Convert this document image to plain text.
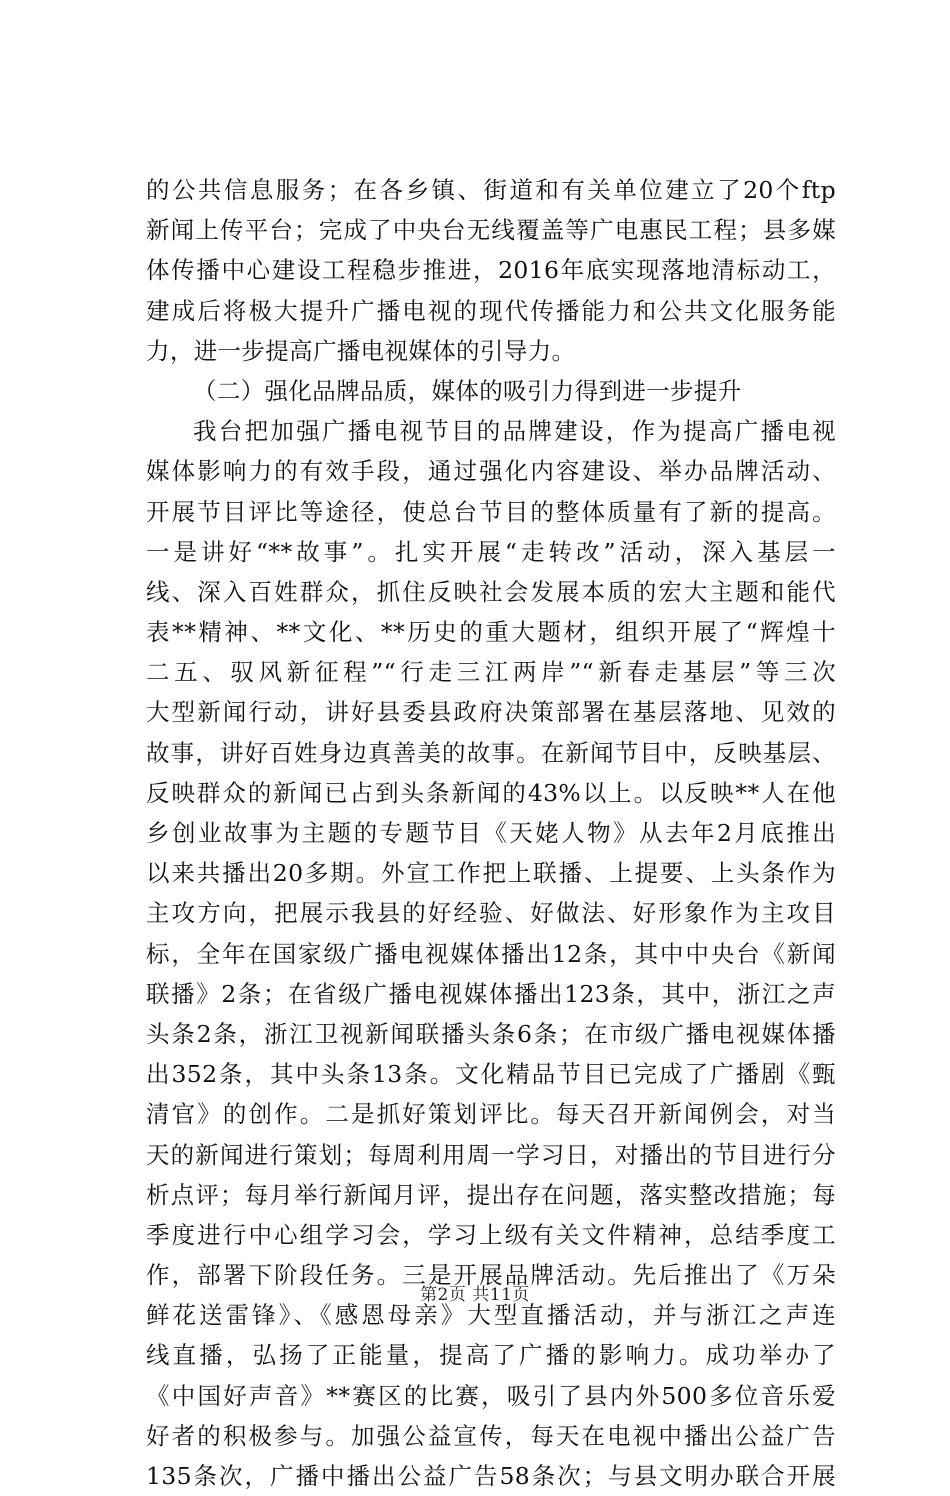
的公共信息服务；在各乡镇、街道和有关单位建立了20个ftp
新闻上传平台；完成了中央台无线覆盖等广电惠民工程；县多媒
体传播中心建设工程稳步推进，2016年底实现落地清标动工，
建成后将极大提升广播电视的现代传播能力和公共文化服务能
力，进一步提高广播电视媒体的引导力。
（二）强化品牌品质，媒体的吸引力得到进一步提升
我台把加强广播电视节目的品牌建设，作为提高广播电视
媒体影响力的有效手段，通过强化内容建设、举办品牌活动、
开展节目评比等途径，使总台节目的整体质量有了新的提高。
一是讲好“**故事”。扎实开展“走转改”活动，深入基层一
线、深入百姓群众，抓住反映社会发展本质的宏大主题和能代
表**精神、**文化、**历史的重大题材，组织开展了“辉煌十
二五、驭风新征程”“行走三江两岸”“新春走基层”等三次
大型新闻行动，讲好县委县政府决策部署在基层落地、见效的
故事，讲好百姓身边真善美的故事。在新闻节目中，反映基层、
反映群众的新闻已占到头条新闻的43%以上。以反映**人在他
乡创业故事为主题的专题节目《天姥人物》从去年2月底推出
以来共播出20多期。外宣工作把上联播、上提要、上头条作为
主攻方向，把展示我县的好经验、好做法、好形象作为主攻目
标，全年在国家级广播电视媒体播出12条，其中中央台《新闻
联播》2条；在省级广播电视媒体播出123条，其中，浙江之声
头条2条，浙江卫视新闻联播头条6条；在市级广播电视媒体播
出352条，其中头条13条。文化精品节目已完成了广播剧《甄
清官》的创作。二是抓好策划评比。每天召开新闻例会，对当
天的新闻进行策划；每周利用周一学习日，对播出的节目进行分
析点评；每月举行新闻月评，提出存在问题，落实整改措施；每
季度进行中心组学习会，学习上级有关文件精神，总结季度工
作，部署下阶段任务。三是开展品牌活动。先后推出了《万朵
鲜花送雷锋》、《感恩母亲》大型直播活动，并与浙江之声连
线直播，弘扬了正能量，提高了广播的影响力。成功举办了
《中国好声音》**赛区的比赛，吸引了县内外500多位音乐爱
好者的积极参与。加强公益宣传，每天在电视中播出公益广告
135条次，广播中播出公益广告58条次；与县文明办联合开展
第2页 共11页
